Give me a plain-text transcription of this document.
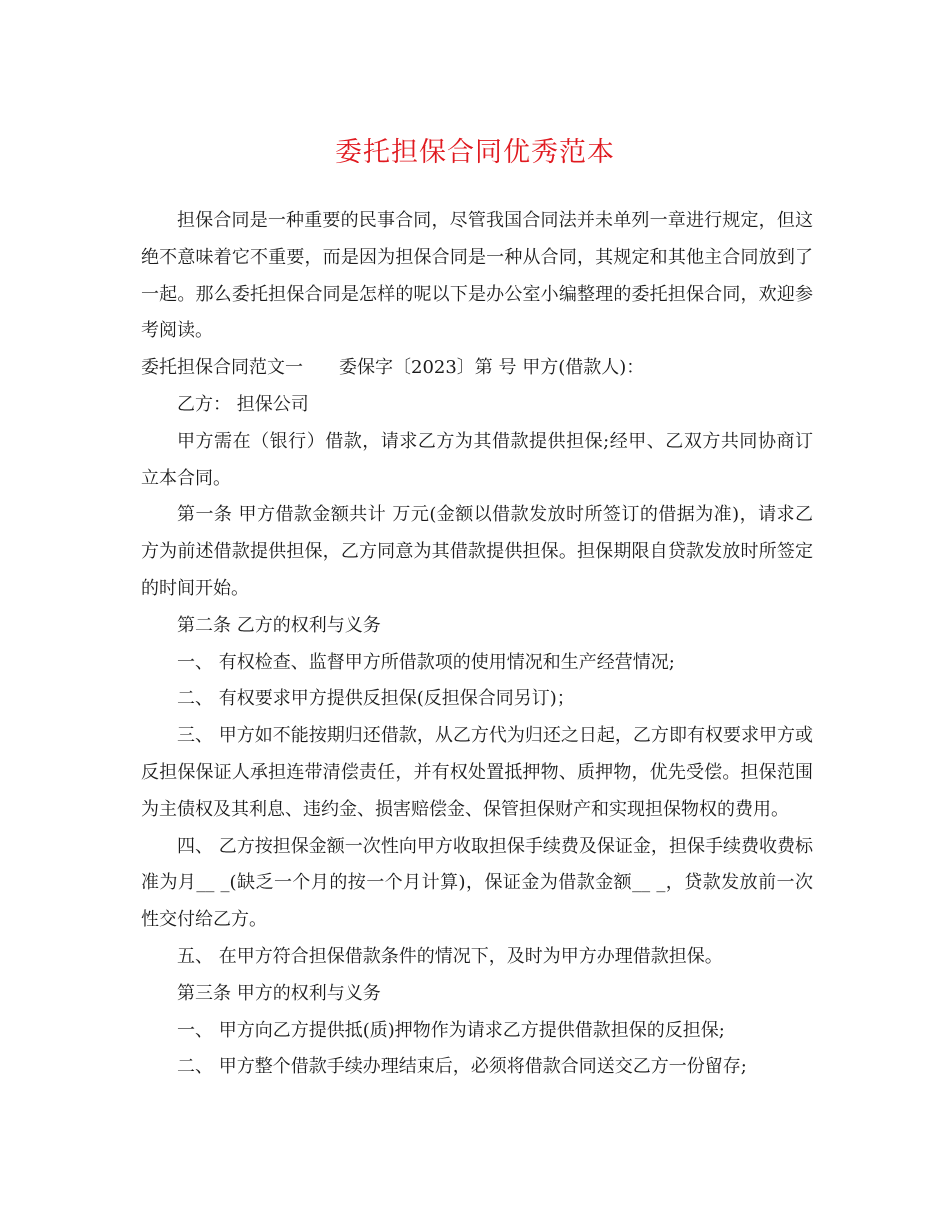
委托担保合同优秀范本

担保合同是一种重要的民事合同，尽管我国合同法并未单列一章进行规定，但这绝不意味着它不重要，而是因为担保合同是一种从合同，其规定和其他主合同放到了一起。那么委托担保合同是怎样的呢以下是办公室小编整理的委托担保合同，欢迎参考阅读。

委托担保合同范文一　　委保字〔2023〕第 号 甲方(借款人)：

乙方： 担保公司

甲方需在（银行）借款，请求乙方为其借款提供担保;经甲、乙双方共同协商订立本合同。

第一条 甲方借款金额共计 万元(金额以借款发放时所签订的借据为准)，请求乙方为前述借款提供担保，乙方同意为其借款提供担保。担保期限自贷款发放时所签定的时间开始。

第二条 乙方的权利与义务

一、 有权检查、监督甲方所借款项的使用情况和生产经营情况;

二、 有权要求甲方提供反担保(反担保合同另订)；

三、 甲方如不能按期归还借款，从乙方代为归还之日起，乙方即有权要求甲方或反担保保证人承担连带清偿责任，并有权处置抵押物、质押物，优先受偿。担保范围为主债权及其利息、违约金、损害赔偿金、保管担保财产和实现担保物权的费用。

四、 乙方按担保金额一次性向甲方收取担保手续费及保证金，担保手续费收费标准为月__ _(缺乏一个月的按一个月计算)，保证金为借款金额__ _，贷款发放前一次性交付给乙方。

五、 在甲方符合担保借款条件的情况下，及时为甲方办理借款担保。

第三条 甲方的权利与义务

一、 甲方向乙方提供抵(质)押物作为请求乙方提供借款担保的反担保;

二、 甲方整个借款手续办理结束后，必须将借款合同送交乙方一份留存;
